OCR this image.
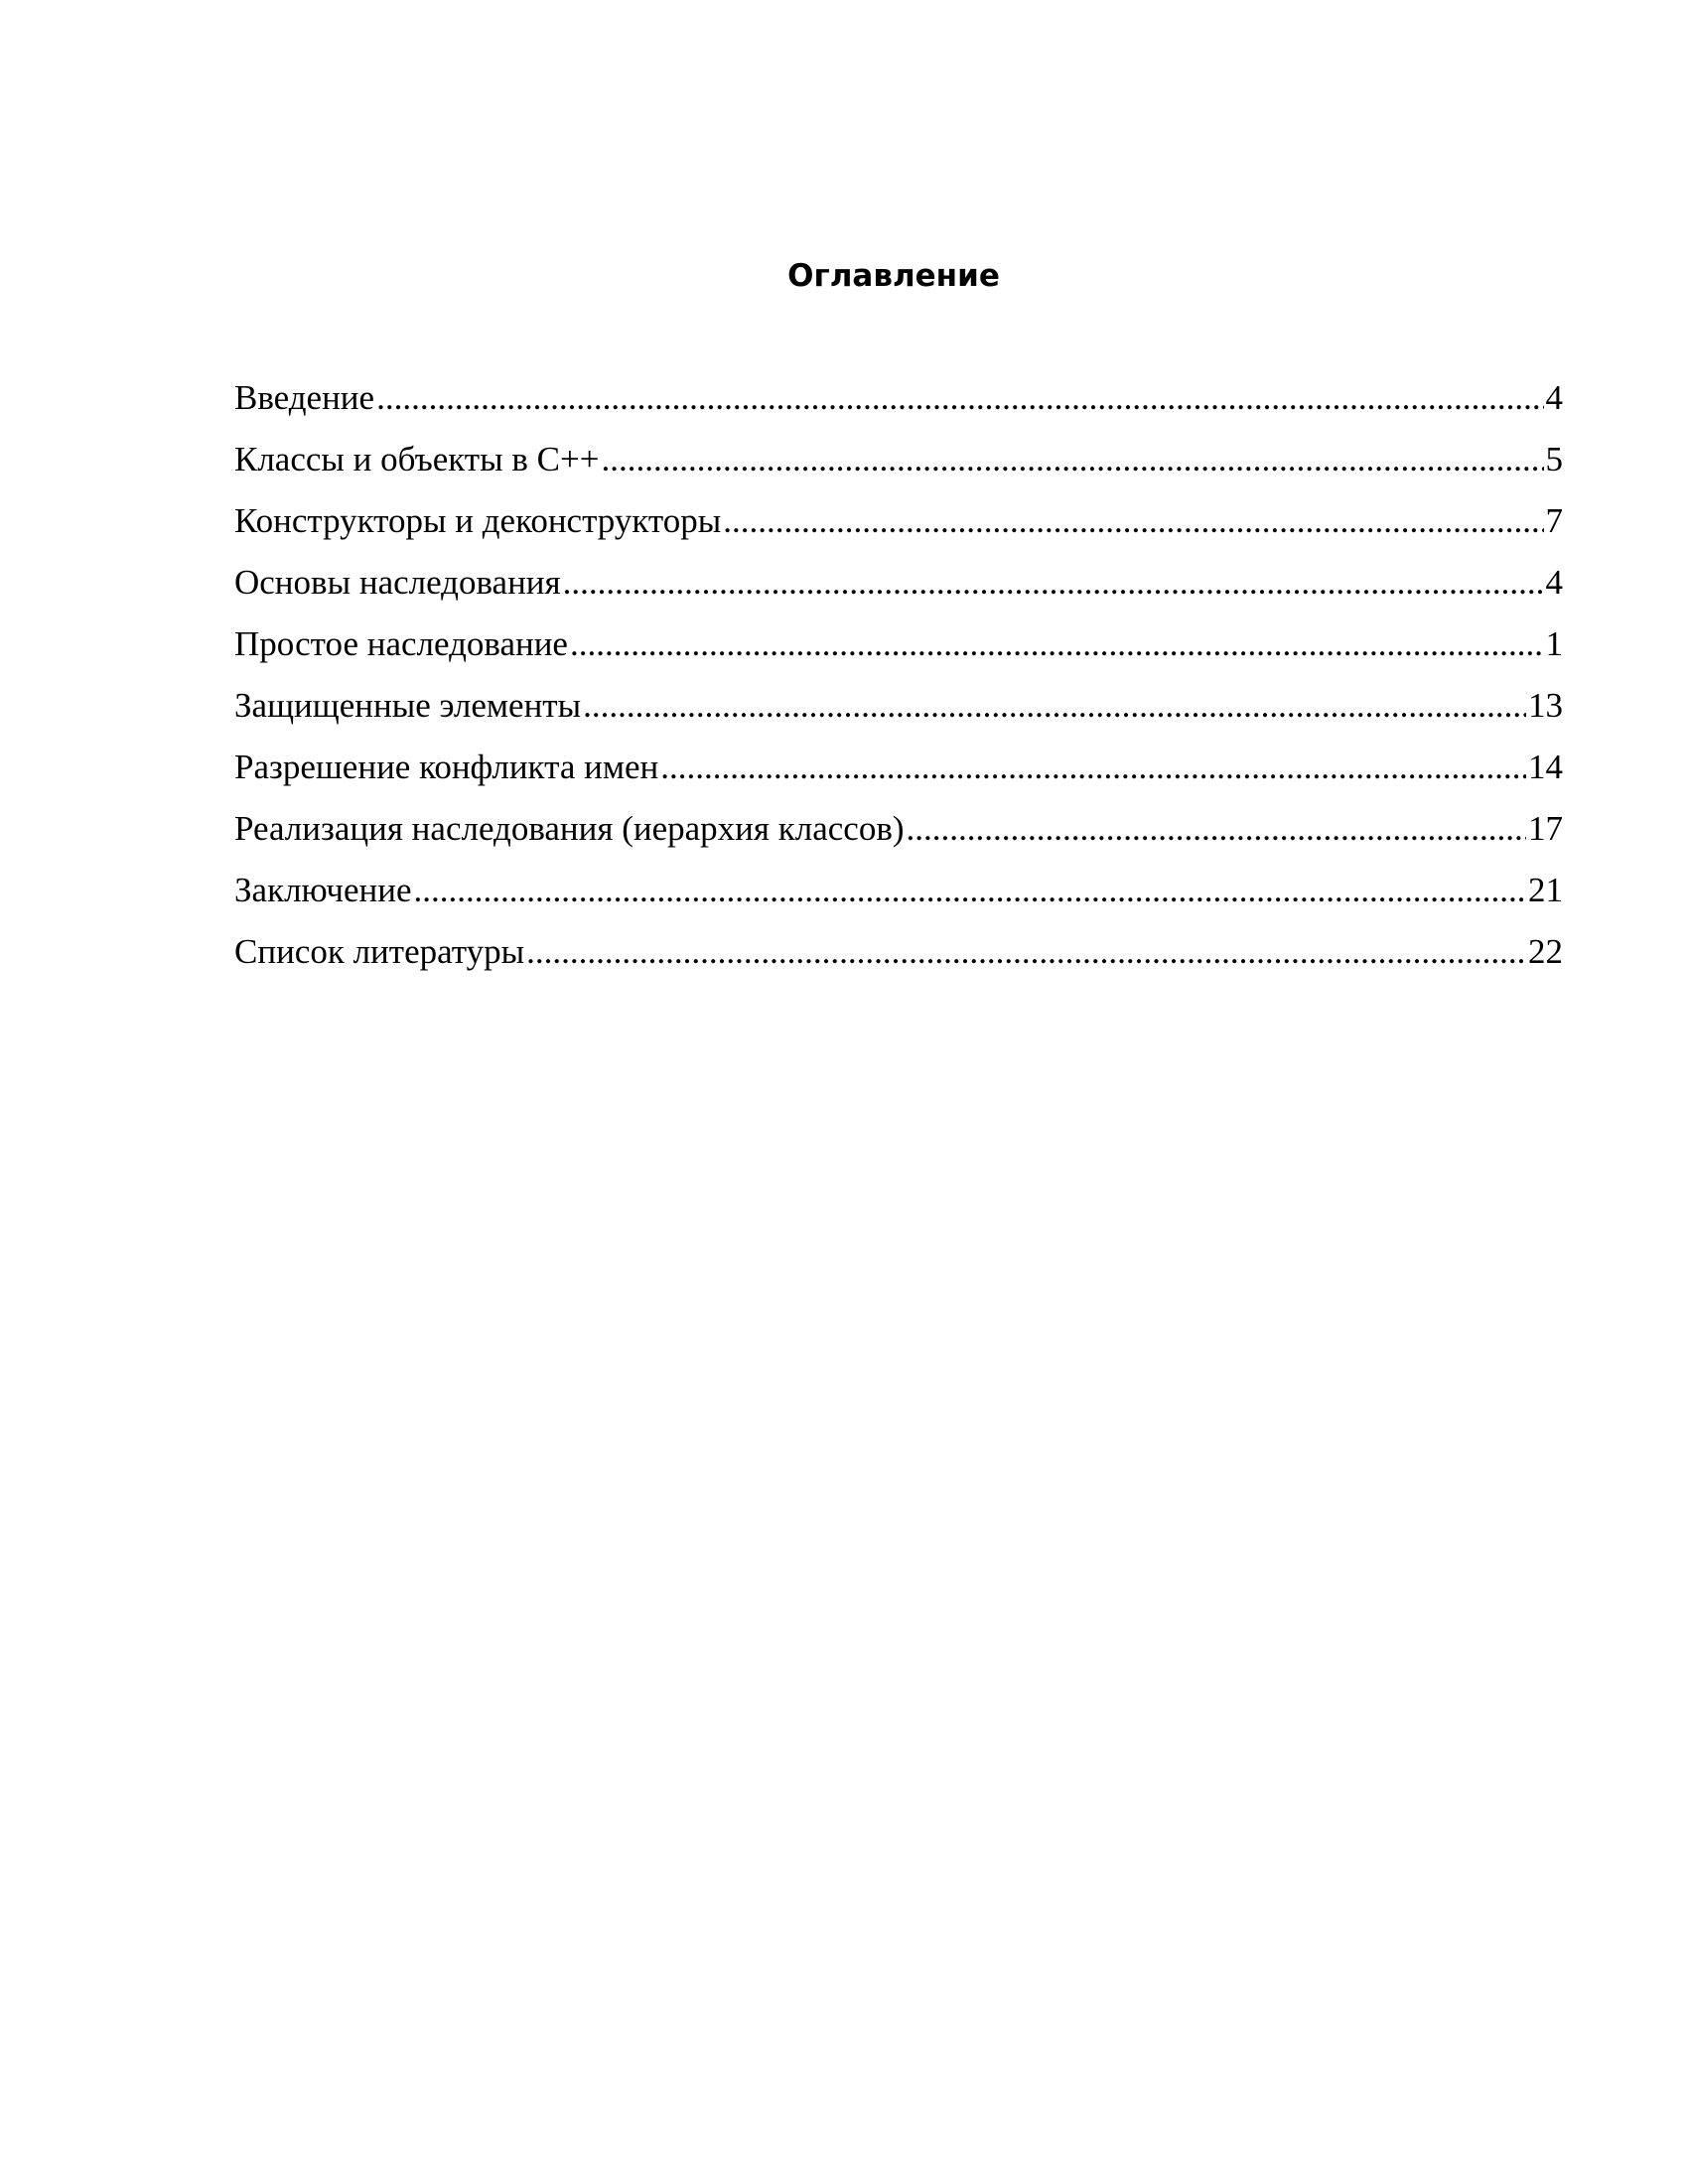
Оглавление
Введение .....	4
Классы и объекты в С++ .....	5
Конструкторы и деконструкторы .....	7
Основы наследования .....	4
Простое наследование .....	1
Защищенные элементы .....	13
Разрешение конфликта имен .....	14
Реализация наследования (иерархия классов) .....	17
Заключение .....	21
Список литературы .....	22
